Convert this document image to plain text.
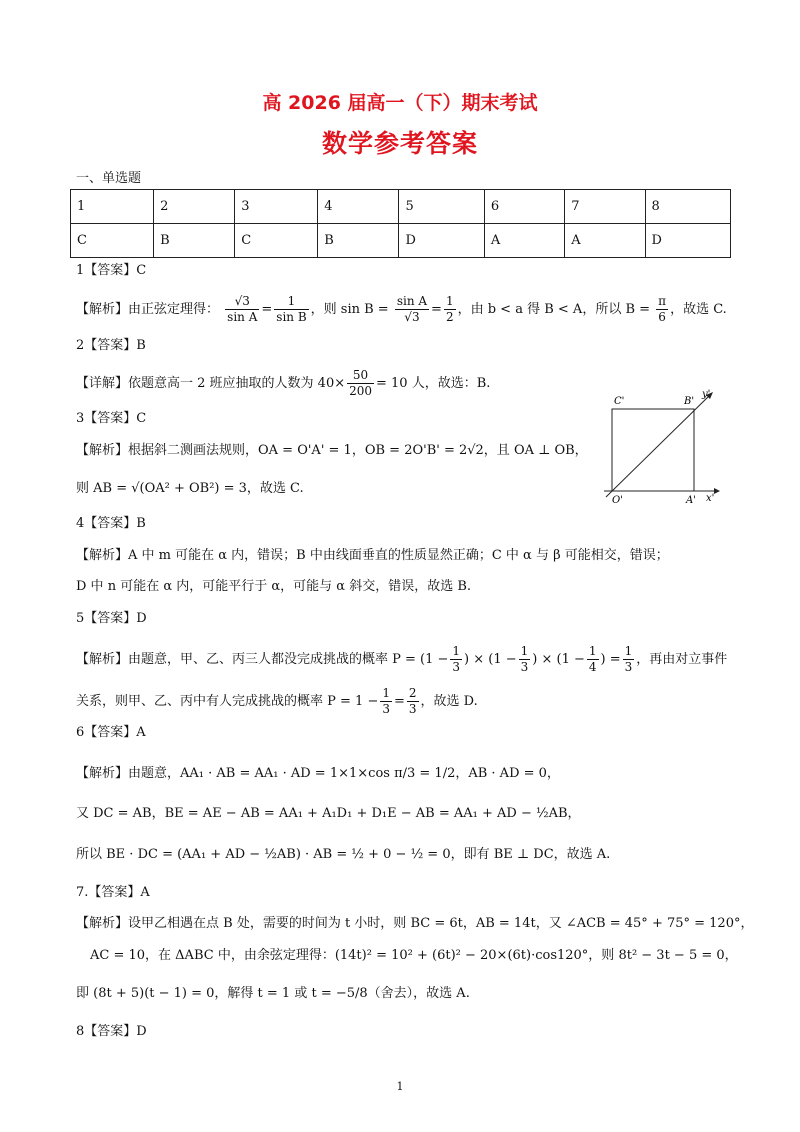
高 2026 届高一（下）期末考试
数学参考答案
一、单选题
1	2	3	4	5	6	7	8
C	B	C	B	D	A	A	D
1【答案】C
【解析】由正弦定理得： $\frac{√3}{\text{sin A}} = \frac{1}{\text{sin B}}$ ，则 $\sin B = \frac{\text{sin A}}{√3} = \frac{1}{2}$ ，由 b < a 得 B < A，所以 $B = \frac{\pi}{6}$ ，故选 C.
2【答案】B
【详解】依题意高一 2 班应抽取的人数为 $40\times \frac{50}{200} = 10$ 人，故选：B.
3【答案】C
【解析】根据斜二测画法规则，OA = O'A' = 1，OB = 2O'B' = 2√2，且 OA ⊥ OB，
则 AB = √(OA² + OB²) = 3，故选 C.
C'	B'
y'
O'	A' x'
4【答案】B
【解析】A 中 m 可能在 α 内，错误；B 中由线面垂直的性质显然正确；C 中 α 与 β 可能相交，错误；
D 中 n 可能在 α 内，可能平行于 α，可能与 α 斜交，错误，故选 B.
5【答案】D
【解析】由题意，甲、乙、丙三人都没完成挑战的概率 $P = (1 - \frac{1}{3}$ ) × ($1 - \frac{1}{3}$ ) × ($1 - \frac{1}{4}$ ) = $\frac{1}{3}$ ，再由对立事件
关系，则甲、乙、丙中有人完成挑战的概率 $P = 1 - \frac{1}{3} = \frac{2}{3}$ ，故选 D.
6【答案】A
【解析】由题意，AA₁ · AB = AA₁ · AD = 1×1×cos π/3 = 1/2，AB · AD = 0，
又 DC = AB，BE = AE − AB = AA₁ + A₁D₁ + D₁E − AB = AA₁ + AD − ½AB，
所以 BE · DC = (AA₁ + AD − ½AB) · AB = ½ + 0 − ½ = 0，即有 BE ⊥ DC，故选 A.
7.【答案】A
【解析】设甲乙相遇在点 B 处，需要的时间为 t 小时，则 BC = 6t，AB = 14t，又 ∠ACB = 45° + 75° = 120°，
AC = 10，在 ΔABC 中，由余弦定理得：(14t)² = 10² + (6t)² − 20×(6t)·cos120°，则 8t² − 3t − 5 = 0，
即 (8t + 5)(t − 1) = 0，解得 t = 1 或 t = −5/8（舍去），故选 A.
8【答案】D
1
